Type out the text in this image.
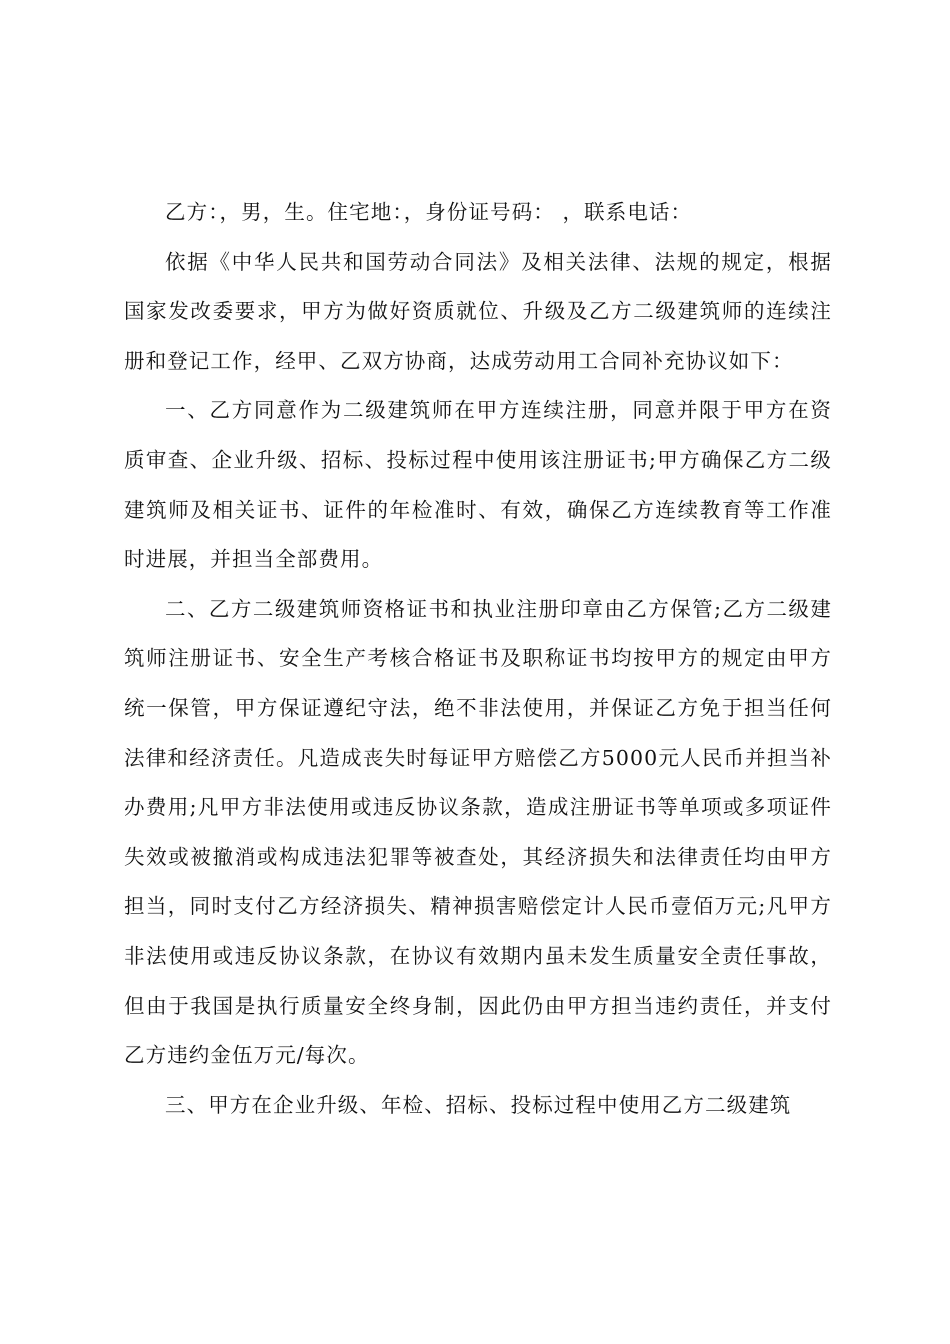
乙方：，男，生。住宅地：，身份证号码： ，联系电话：

依据《中华人民共和国劳动合同法》及相关法律、法规的规定，根据国家发改委要求，甲方为做好资质就位、升级及乙方二级建筑师的连续注册和登记工作，经甲、乙双方协商，达成劳动用工合同补充协议如下：

一、乙方同意作为二级建筑师在甲方连续注册，同意并限于甲方在资质审查、企业升级、招标、投标过程中使用该注册证书;甲方确保乙方二级建筑师及相关证书、证件的年检准时、有效，确保乙方连续教育等工作准时进展，并担当全部费用。

二、乙方二级建筑师资格证书和执业注册印章由乙方保管;乙方二级建筑师注册证书、安全生产考核合格证书及职称证书均按甲方的规定由甲方统一保管，甲方保证遵纪守法，绝不非法使用，并保证乙方免于担当任何法律和经济责任。凡造成丧失时每证甲方赔偿乙方5000元人民币并担当补办费用;凡甲方非法使用或违反协议条款，造成注册证书等单项或多项证件失效或被撤消或构成违法犯罪等被查处，其经济损失和法律责任均由甲方担当，同时支付乙方经济损失、精神损害赔偿定计人民币壹佰万元;凡甲方非法使用或违反协议条款，在协议有效期内虽未发生质量安全责任事故，但由于我国是执行质量安全终身制，因此仍由甲方担当违约责任，并支付乙方违约金伍万元/每次。

三、甲方在企业升级、年检、招标、投标过程中使用乙方二级建筑
